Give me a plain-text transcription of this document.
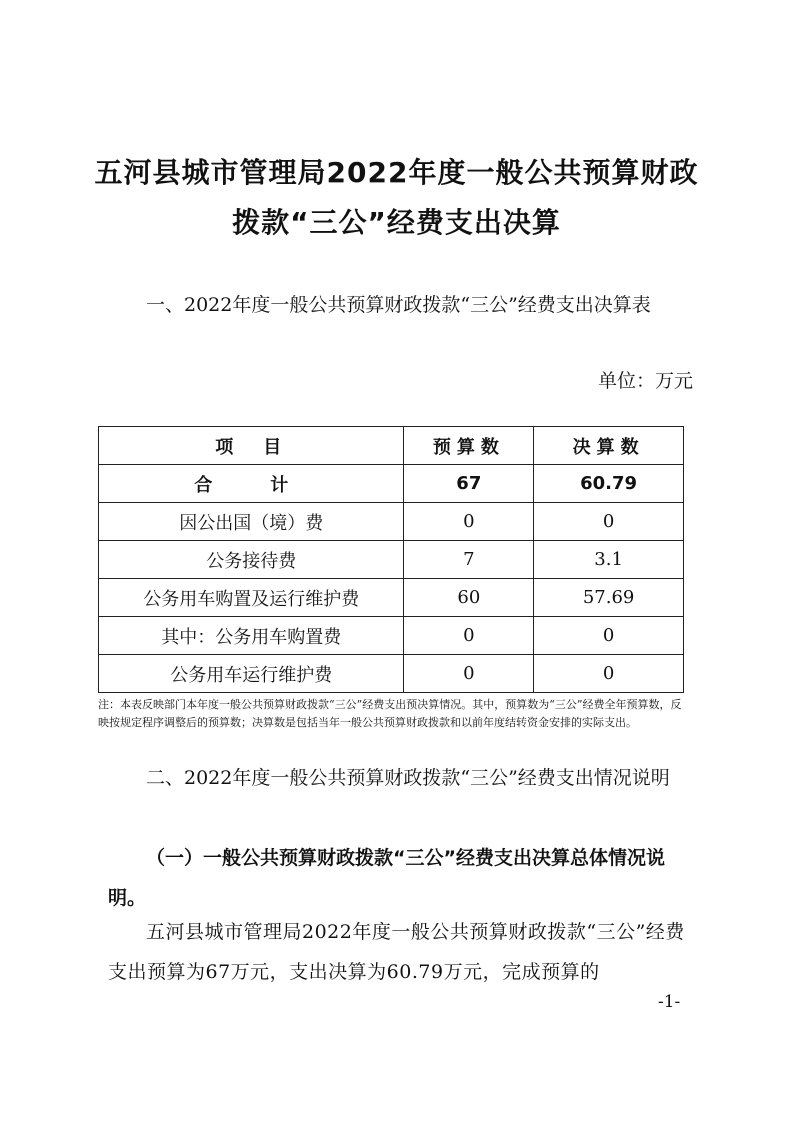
五河县城市管理局2022年度一般公共预算财政
拨款“三公”经费支出决算

一、2022年度一般公共预算财政拨款“三公”经费支出决算表

单位：万元
项　目	预算数	决算数
合　计	67	60.79
因公出国（境）费	0	0
公务接待费	7	3.1
公务用车购置及运行维护费	60	57.69
其中：公务用车购置费	0	0
公务用车运行维护费	0	0

注：本表反映部门本年度一般公共预算财政拨款“三公”经费支出预决算情况。其中，预算数为“三公”经费全年预算数，反映按规定程序调整后的预算数；决算数是包括当年一般公共预算财政拨款和以前年度结转资金安排的实际支出。

二、2022年度一般公共预算财政拨款“三公”经费支出情况说明

（一）一般公共预算财政拨款“三公”经费支出决算总体情况说明。

五河县城市管理局2022年度一般公共预算财政拨款“三公”经费支出预算为67万元，支出决算为60.79万元，完成预算的

-1-
